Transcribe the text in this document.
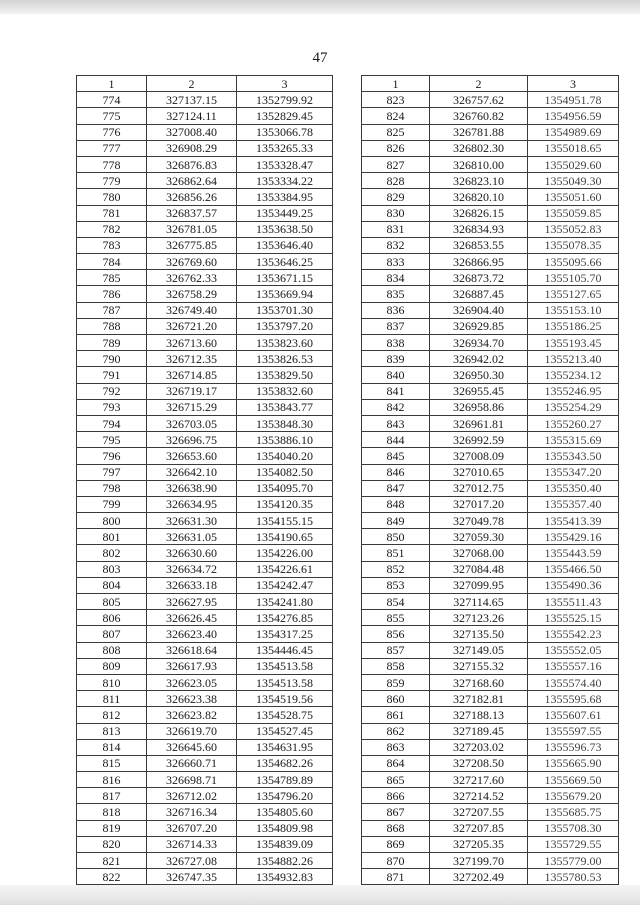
47
1	2	3
774	327137.15	1352799.92
775	327124.11	1352829.45
776	327008.40	1353066.78
777	326908.29	1353265.33
778	326876.83	1353328.47
779	326862.64	1353334.22
780	326856.26	1353384.95
781	326837.57	1353449.25
782	326781.05	1353638.50
783	326775.85	1353646.40
784	326769.60	1353646.25
785	326762.33	1353671.15
786	326758.29	1353669.94
787	326749.40	1353701.30
788	326721.20	1353797.20
789	326713.60	1353823.60
790	326712.35	1353826.53
791	326714.85	1353829.50
792	326719.17	1353832.60
793	326715.29	1353843.77
794	326703.05	1353848.30
795	326696.75	1353886.10
796	326653.60	1354040.20
797	326642.10	1354082.50
798	326638.90	1354095.70
799	326634.95	1354120.35
800	326631.30	1354155.15
801	326631.05	1354190.65
802	326630.60	1354226.00
803	326634.72	1354226.61
804	326633.18	1354242.47
805	326627.95	1354241.80
806	326626.45	1354276.85
807	326623.40	1354317.25
808	326618.64	1354446.45
809	326617.93	1354513.58
810	326623.05	1354513.58
811	326623.38	1354519.56
812	326623.82	1354528.75
813	326619.70	1354527.45
814	326645.60	1354631.95
815	326660.71	1354682.26
816	326698.71	1354789.89
817	326712.02	1354796.20
818	326716.34	1354805.60
819	326707.20	1354809.98
820	326714.33	1354839.09
821	326727.08	1354882.26
822	326747.35	1354932.83
1	2	3
823	326757.62	1354951.78
824	326760.82	1354956.59
825	326781.88	1354989.69
826	326802.30	1355018.65
827	326810.00	1355029.60
828	326823.10	1355049.30
829	326820.10	1355051.60
830	326826.15	1355059.85
831	326834.93	1355052.83
832	326853.55	1355078.35
833	326866.95	1355095.66
834	326873.72	1355105.70
835	326887.45	1355127.65
836	326904.40	1355153.10
837	326929.85	1355186.25
838	326934.70	1355193.45
839	326942.02	1355213.40
840	326950.30	1355234.12
841	326955.45	1355246.95
842	326958.86	1355254.29
843	326961.81	1355260.27
844	326992.59	1355315.69
845	327008.09	1355343.50
846	327010.65	1355347.20
847	327012.75	1355350.40
848	327017.20	1355357.40
849	327049.78	1355413.39
850	327059.30	1355429.16
851	327068.00	1355443.59
852	327084.48	1355466.50
853	327099.95	1355490.36
854	327114.65	1355511.43
855	327123.26	1355525.15
856	327135.50	1355542.23
857	327149.05	1355552.05
858	327155.32	1355557.16
859	327168.60	1355574.40
860	327182.81	1355595.68
861	327188.13	1355607.61
862	327189.45	1355597.55
863	327203.02	1355596.73
864	327208.50	1355665.90
865	327217.60	1355669.50
866	327214.52	1355679.20
867	327207.55	1355685.75
868	327207.85	1355708.30
869	327205.35	1355729.55
870	327199.70	1355779.00
871	327202.49	1355780.53
